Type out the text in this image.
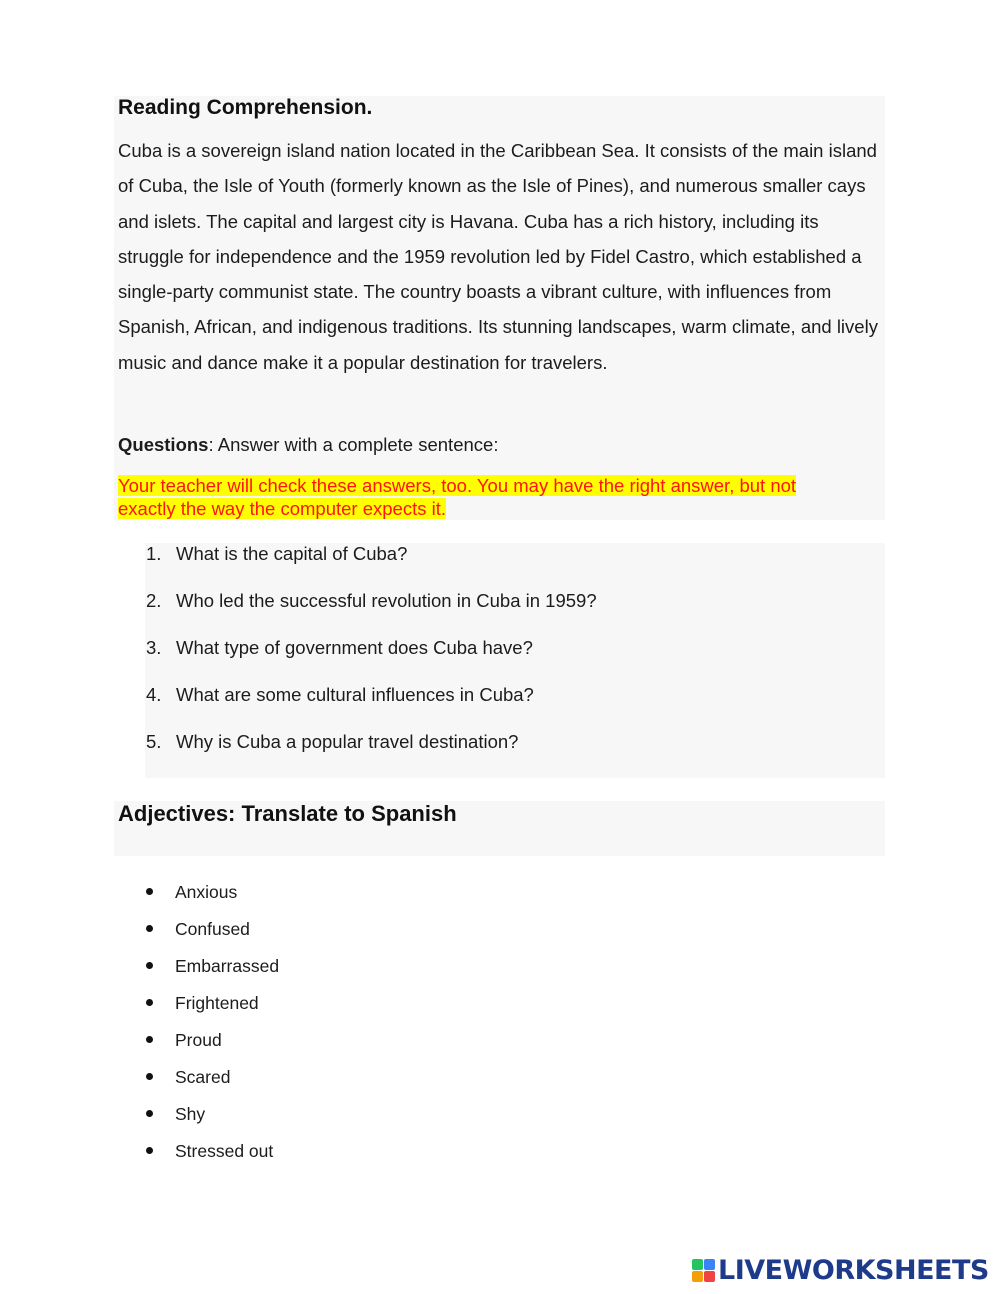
Reading Comprehension.

Cuba is a sovereign island nation located in the Caribbean Sea. It consists of the main island of Cuba, the Isle of Youth (formerly known as the Isle of Pines), and numerous smaller cays and islets. The capital and largest city is Havana. Cuba has a rich history, including its struggle for independence and the 1959 revolution led by Fidel Castro, which established a single-party communist state. The country boasts a vibrant culture, with influences from Spanish, African, and indigenous traditions. Its stunning landscapes, warm climate, and lively music and dance make it a popular destination for travelers.

Questions: Answer with a complete sentence:
Your teacher will check these answers, too. You may have the right answer, but not exactly the way the computer expects it.
1. What is the capital of Cuba?
2. Who led the successful revolution in Cuba in 1959?
3. What type of government does Cuba have?
4. What are some cultural influences in Cuba?
5. Why is Cuba a popular travel destination?
Adjectives: Translate to Spanish
Anxious
Confused
Embarrassed
Frightened
Proud
Scared
Shy
Stressed out
LIVEWORKSHEETS
